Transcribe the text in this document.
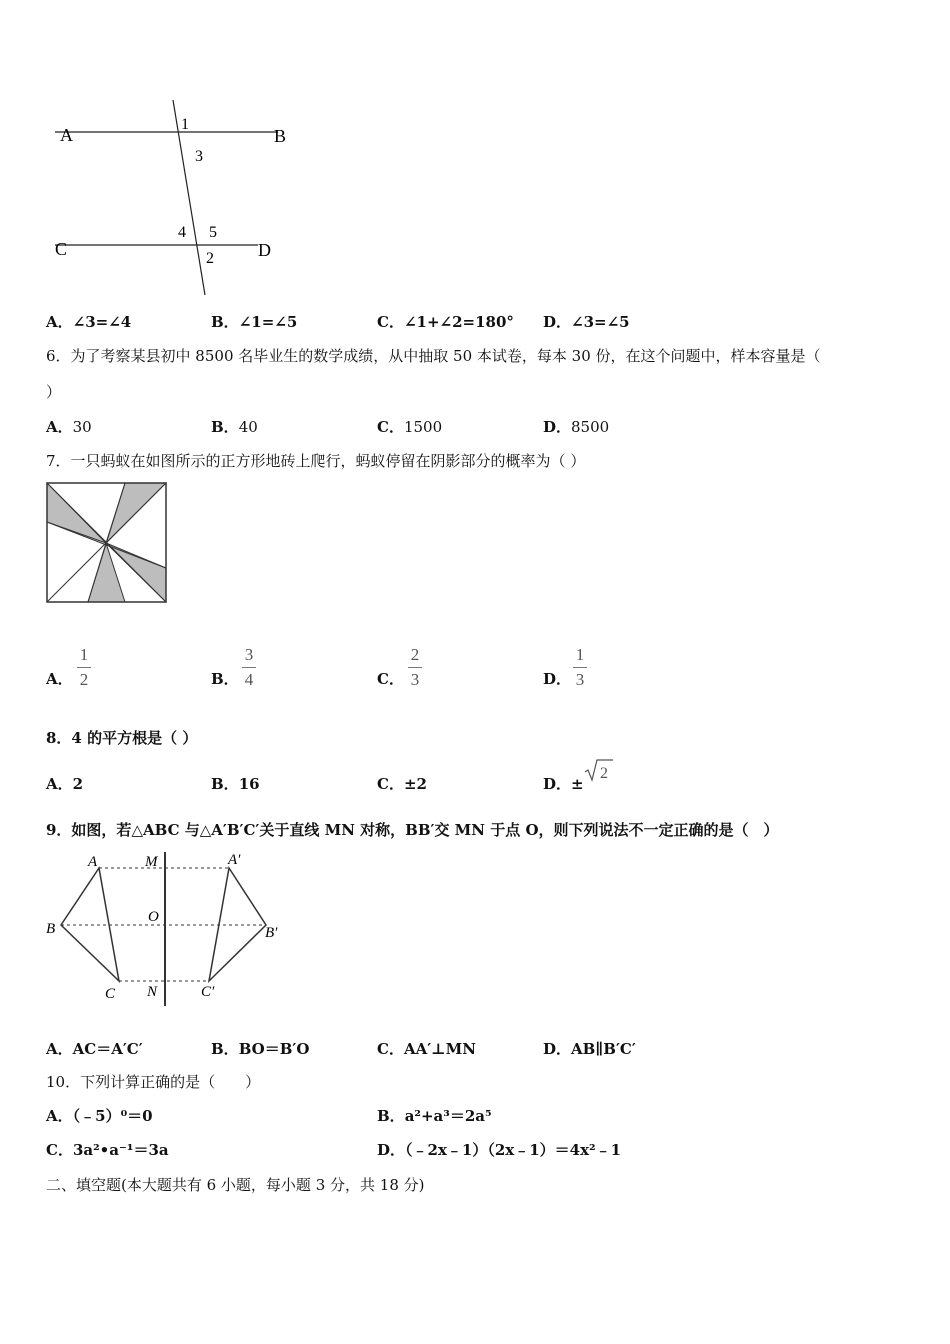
A	B
C	D
1
3
4 5
2
A．∠3=∠4	B．∠1=∠5	C．∠1+∠2=180° D．∠3=∠5
6．为了考察某县初中 8500 名毕业生的数学成绩，从中抽取 50 本试卷，每本 30 份，在这个问题中，样本容量是（
）
A．30	B．40	C．1500	D．8500
7．一只蚂蚁在如图所示的正方形地砖上爬行，蚂蚁停留在阴影部分的概率为（ ）
A．
1
2	B．
3
4	C．
2
3	D．
1
3
8．4 的平方根是（ ）
A．2	B．16	C．±2	D．±
2
9．如图，若△ABC 与△A′B′C′关于直线 MN 对称，BB′交 MN 于点 O，则下列说法不一定正确的是（　）
A	M	A′
B
O
B′
C N	C′
A．AC＝A′C′	B．BO＝B′O	C．AA′⊥MN	D．AB∥B′C′
10．下列计算正确的是（　　）
A．（﹣5）⁰＝0	B．a²+a³＝2a⁵
C．3a²•a⁻¹＝3a	D．（﹣2x﹣1）（2x﹣1）＝4x²﹣1
二、填空题(本大题共有 6 小题，每小题 3 分，共 18 分)
